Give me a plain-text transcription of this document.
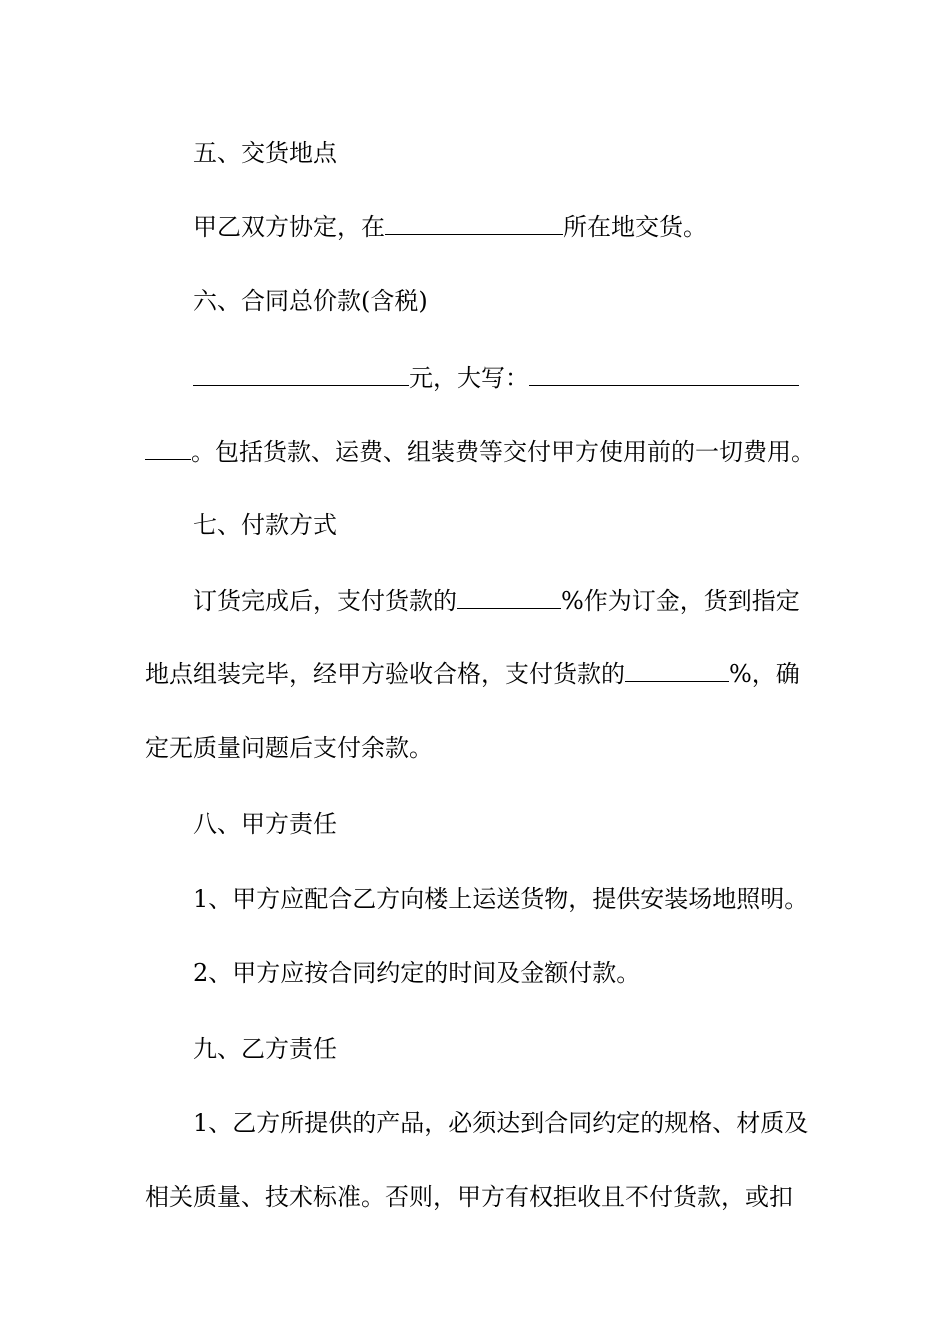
五、交货地点
甲乙双方协定，在	所在地交货。
六、合同总价款(含税)
元，大写：
。包括货款、运费、组装费等交付甲方使用前的一切费用。
七、付款方式
订货完成后，支付货款的	%作为订金，货到指定
地点组装完毕，经甲方验收合格，支付货款的	%，确
定无质量问题后支付余款。
八、甲方责任
1、甲方应配合乙方向楼上运送货物，提供安装场地照明。
2、甲方应按合同约定的时间及金额付款。
九、乙方责任
1、乙方所提供的产品，必须达到合同约定的规格、材质及
相关质量、技术标准。否则，甲方有权拒收且不付货款，或扣
